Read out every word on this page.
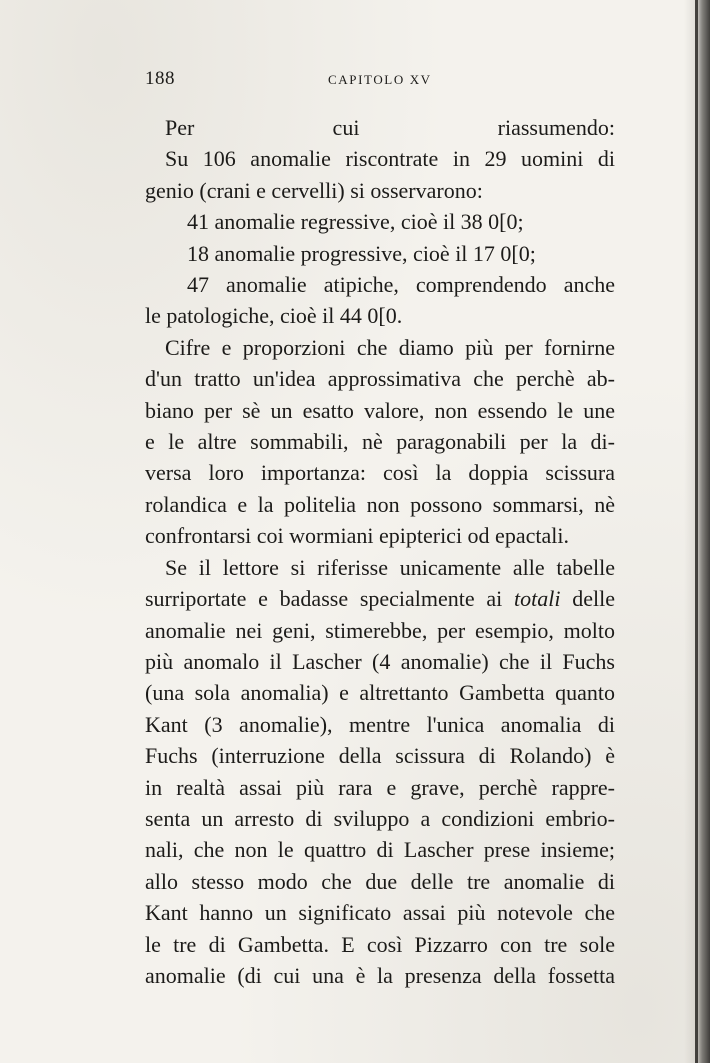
188	CAPITOLO XV
Per cui riassumendo:
Su 106 anomalie riscontrate in 29 uomini di
genio (crani e cervelli) si osservarono:
41 anomalie regressive, cioè il 38 0[0;
18 anomalie progressive, cioè il 17 0[0;
47 anomalie atipiche, comprendendo anche
le patologiche, cioè il 44 0[0.
Cifre e proporzioni che diamo più per fornirne
d'un tratto un'idea approssimativa che perchè ab-
biano per sè un esatto valore, non essendo le une
e le altre sommabili, nè paragonabili per la di-
versa loro importanza: così la doppia scissura
rolandica e la politelia non possono sommarsi, nè
confrontarsi coi wormiani epipterici od epactali.
Se il lettore si riferisse unicamente alle tabelle
surriportate e badasse specialmente ai totali delle
anomalie nei geni, stimerebbe, per esempio, molto
più anomalo il Lascher (4 anomalie) che il Fuchs
(una sola anomalia) e altrettanto Gambetta quanto
Kant (3 anomalie), mentre l'unica anomalia di
Fuchs (interruzione della scissura di Rolando) è
in realtà assai più rara e grave, perchè rappre-
senta un arresto di sviluppo a condizioni embrio-
nali, che non le quattro di Lascher prese insieme;
allo stesso modo che due delle tre anomalie di
Kant hanno un significato assai più notevole che
le tre di Gambetta. E così Pizzarro con tre sole
anomalie (di cui una è la presenza della fossetta
